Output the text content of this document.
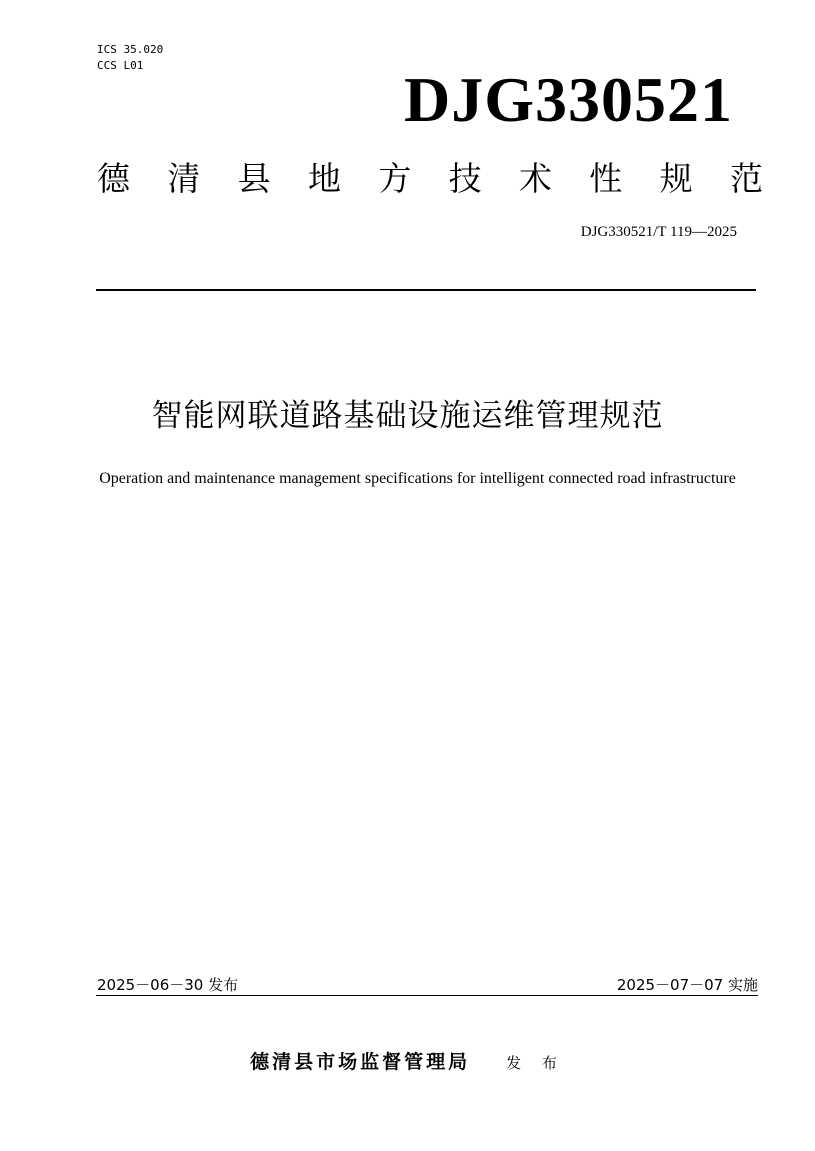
ICS 35.020
CCS L01	DJG330521
德 清 县 地 方 技 术 性 规 范
DJG330521/T 119—2025
智能网联道路基础设施运维管理规范
Operation and maintenance management specifications for intelligent connected road infrastructure
2025－06－30 发布	2025－07－07 实施
德清县市场监督管理局 发 布
